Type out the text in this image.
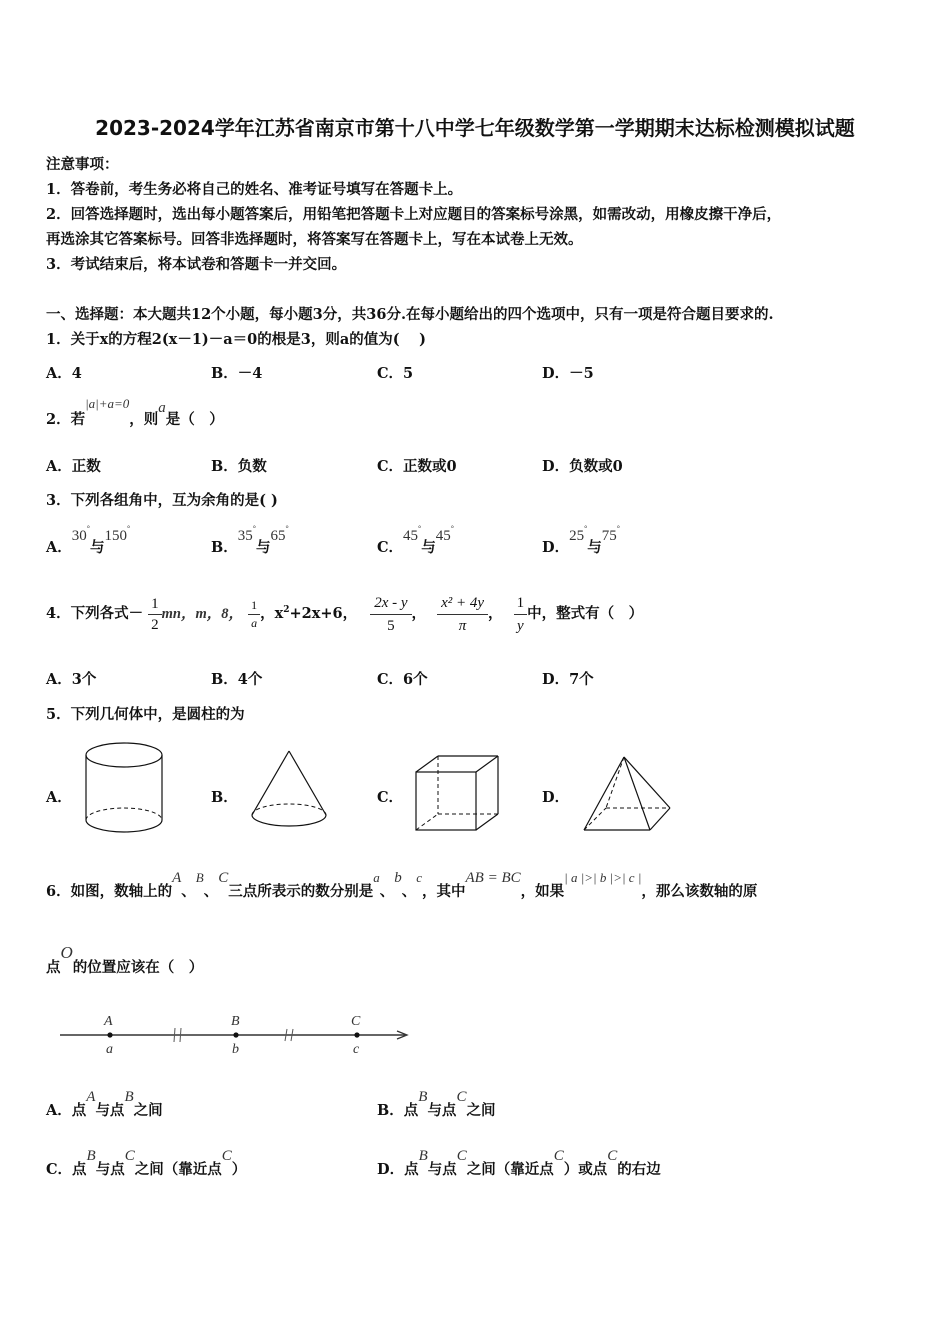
2023-2024学年江苏省南京市第十八中学七年级数学第一学期期末达标检测模拟试题
注意事项：
1．答卷前，考生务必将自己的姓名、准考证号填写在答题卡上。
2．回答选择题时，选出每小题答案后，用铅笔把答题卡上对应题目的答案标号涂黑，如需改动，用橡皮擦干净后，
再选涂其它答案标号。回答非选择题时，将答案写在答题卡上，写在本试卷上无效。
3．考试结束后，将本试卷和答题卡一并交回。
一、选择题：本大题共12个小题，每小题3分，共36分.在每小题给出的四个选项中，只有一项是符合题目要求的.
1．关于x的方程2(x－1)－a＝0的根是3，则a的值为(　 )
A．4	B．－4	C．5	D．－5
2．若|a|+a=0，则a是（　）
A．正数	B．负数	C．正数或0	D．负数或0
3．下列各组角中，互为余角的是( )
A．30°与150°
B．35°与65°
C．45°与45°
D．25°与75°
4．下列各式－ $\frac{1}{2}$ mn，m，8， $\frac{1}{a}$ ，$x^2+2x+6$， $\frac{2x - y}{5}$ ， $\frac{\text{x² + 4y}}{\pi}$ ， $\frac{1}{y}$ 中，整式有（　）
A．3个	B．4个	C．6个	D．7个
5．下列几何体中，是圆柱的为
A．	B．	C．	D．
6．如图，数轴上的A、B、C三点所表示的数分别是a、b、c，其中AB = BC，如果| a |>| b |>| c |，那么该数轴的原
点O的位置应该在（　）
A	B	C
a	b	c
A．点A与点B之间	B．点B与点C之间
C．点B与点C之间（靠近点C）	D．点B与点C之间（靠近点C）或点C的右边
